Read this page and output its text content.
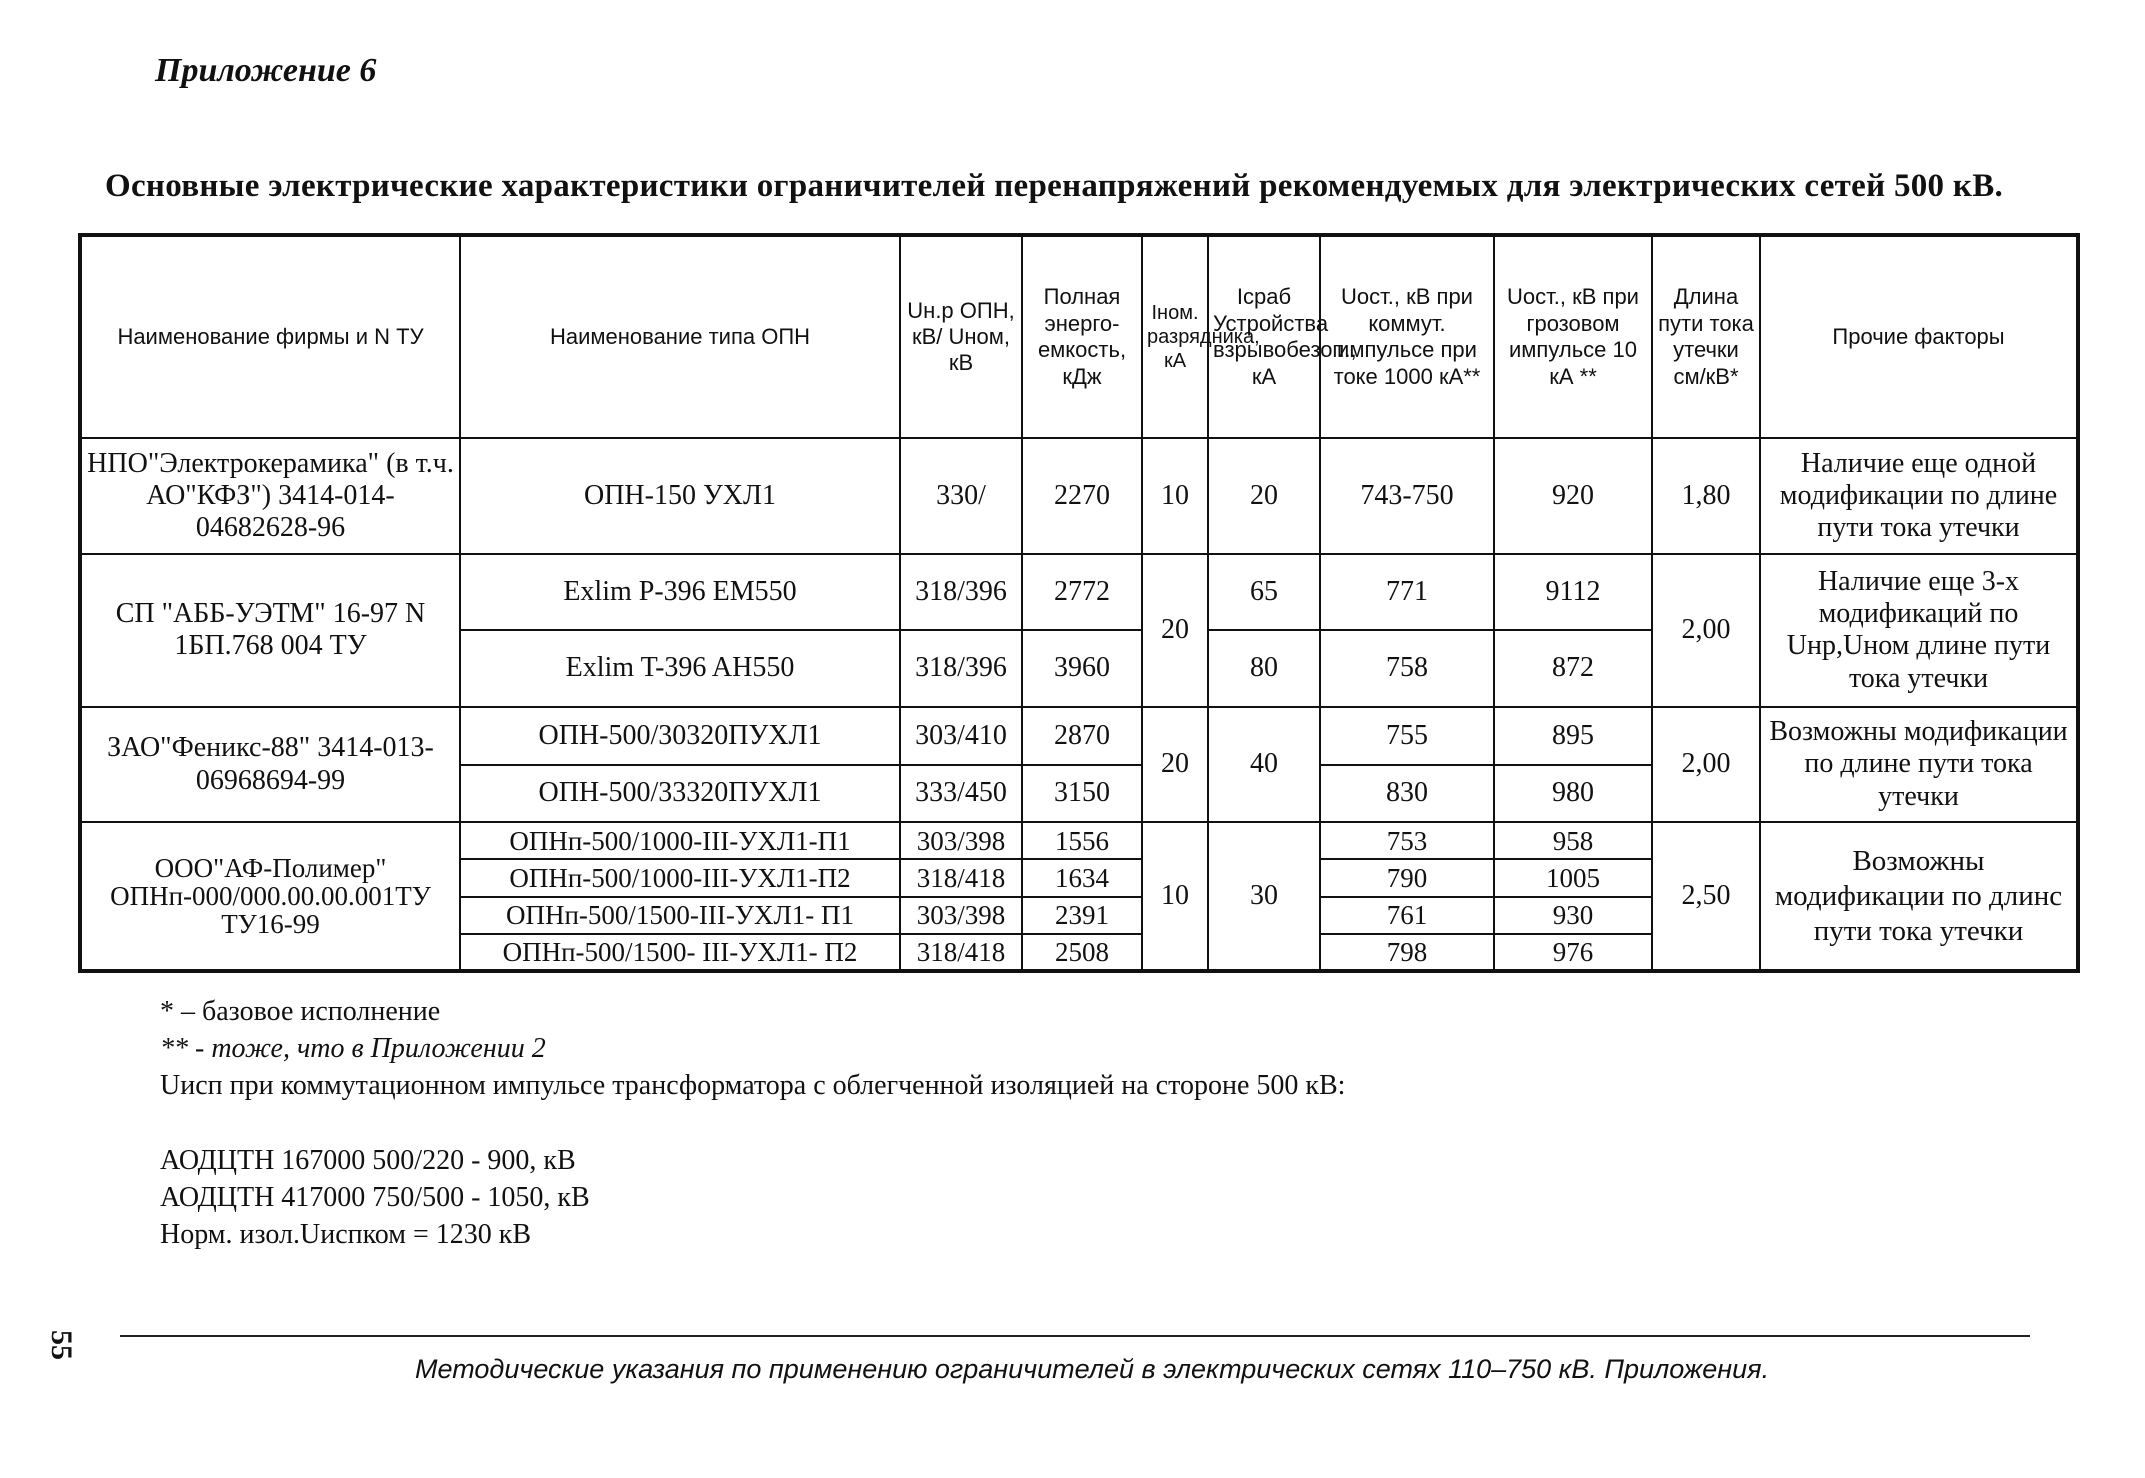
Приложение 6
Основные электрические характеристики ограничителей перенапряжений рекомендуемых для электрических сетей 500 кВ.
Наименование фирмы и N ТУ	Наименование типа ОПН	Uн.р ОПН, кВ/ Uном, кВ	Полная энерго-емкость, кДж	Iном. разрядника, кА	Iсраб Устройства взрывобезоп., кА	Uост., кВ при коммут. импульсе при токе 1000 кА**	Uост., кВ при грозовом импульсе 10 кА **	Длина пути тока утечки см/кВ*	Прочие факторы
НПО"Электрокерамика" (в т.ч. АО"КФЗ") 3414-014-04682628-96	ОПН-150 УХЛ1	330/	2270	10	20	743-750	920	1,80	Наличие еще одной модификации по длине пути тока утечки
СП "АББ-УЭТМ" 16-97 N 1БП.768 004 ТУ	Exlim P-396 EM550	318/396	2772	20	65	771	9112	2,00	Наличие еще 3-х модификаций по Uнр,Uном длине пути тока утечки
	Exlim T-396 AH550	318/396	3960		80	758	872		
ЗАО"Феникс-88" 3414-013-06968694-99	ОПН-500/30320ПУХЛ1	303/410	2870	20	40	755	895	2,00	Возможны модификации по длине пути тока утечки
	ОПН-500/33320ПУХЛ1	333/450	3150			830	980		
ООО"АФ-Полимер" ОПНп-000/000.00.00.001ТУ ТУ16-99	ОПНп-500/1000-III-УХЛ1-П1	303/398	1556	10	30	753	958	2,50	Возможны модификации по длинс пути тока утечки
	ОПНп-500/1000-III-УХЛ1-П2	318/418	1634			790	1005		
	ОПНп-500/1500-III-УХЛ1- П1	303/398	2391			761	930		
	ОПНп-500/1500- III-УХЛ1- П2	318/418	2508			798	976		
* – базовое исполнение
** - тоже, что в Приложении 2
Uисп при коммутационном импульсе трансформатора с облегченной изоляцией на стороне 500 кВ:
АОДЦТН 167000 500/220 - 900, кВ
АОДЦТН 417000 750/500 - 1050, кВ
Норм. изол.Uиспком = 1230 кВ
55
Методические указания по применению ограничителей в электрических сетях 110–750 кВ. Приложения.
